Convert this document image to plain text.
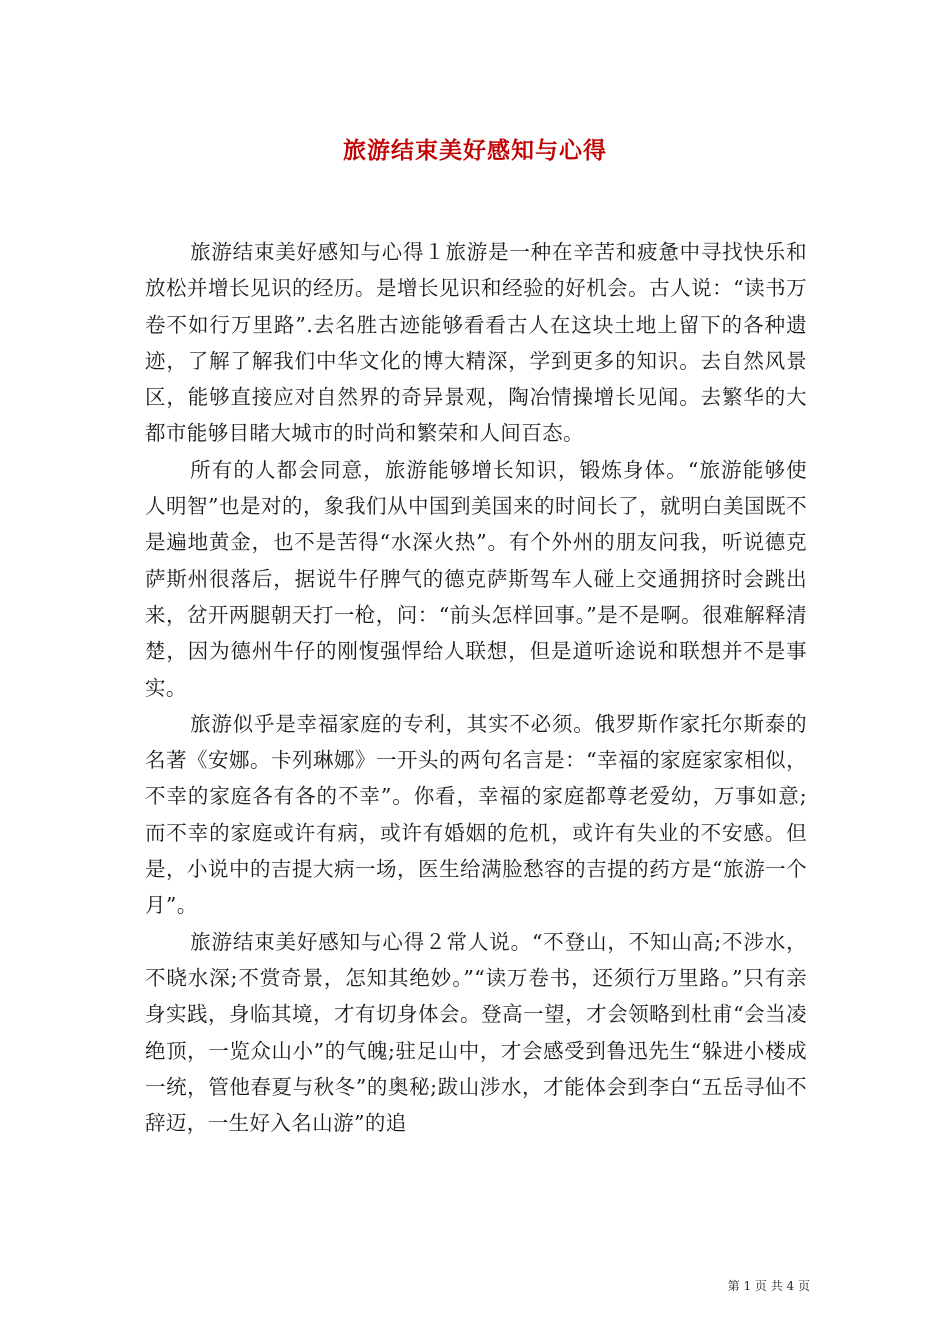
旅游结束美好感知与心得

旅游结束美好感知与心得１旅游是一种在辛苦和疲惫中寻找快乐和放松并增长见识的经历。是增长见识和经验的好机会。古人说：“读书万卷不如行万里路”.去名胜古迹能够看看古人在这块土地上留下的各种遗迹，了解了解我们中华文化的博大精深，学到更多的知识。去自然风景区，能够直接应对自然界的奇异景观，陶冶情操增长见闻。去繁华的大都市能够目睹大城市的时尚和繁荣和人间百态。

所有的人都会同意，旅游能够增长知识，锻炼身体。“旅游能够使人明智”也是对的，象我们从中国到美国来的时间长了，就明白美国既不是遍地黄金，也不是苦得“水深火热”。有个外州的朋友问我，听说德克萨斯州很落后，据说牛仔脾气的德克萨斯驾车人碰上交通拥挤时会跳出来，岔开两腿朝天打一枪，问：“前头怎样回事。”是不是啊。很难解释清楚，因为德州牛仔的刚愎强悍给人联想，但是道听途说和联想并不是事实。

旅游似乎是幸福家庭的专利，其实不必须。俄罗斯作家托尔斯泰的名著《安娜。卡列琳娜》一开头的两句名言是：“幸福的家庭家家相似，不幸的家庭各有各的不幸”。你看，幸福的家庭都尊老爱幼，万事如意;而不幸的家庭或许有病，或许有婚姻的危机，或许有失业的不安感。但是，小说中的吉提大病一场，医生给满脸愁容的吉提的药方是“旅游一个月”。

旅游结束美好感知与心得２常人说。“不登山，不知山高;不涉水，不晓水深;不赏奇景，怎知其绝妙。”“读万卷书，还须行万里路。”只有亲身实践，身临其境，才有切身体会。登高一望，才会领略到杜甫“会当凌绝顶，一览众山小”的气魄;驻足山中，才会感受到鲁迅先生“躲进小楼成一统，管他春夏与秋冬”的奥秘;跋山涉水，才能体会到李白“五岳寻仙不辞迈，一生好入名山游”的追

第 1 页 共 4 页
